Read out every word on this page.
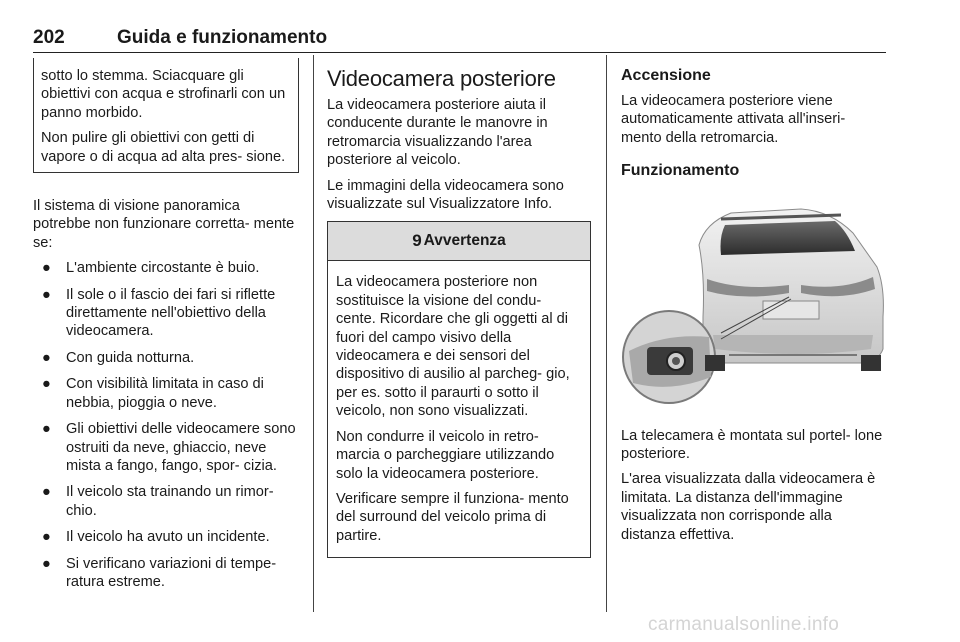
202	Guida e funzionamento

sotto lo stemma. Sciacquare gli obiettivi con acqua e strofinarli con un panno morbido.

Non pulire gli obiettivi con getti di vapore o di acqua ad alta pres- sione.

Il sistema di visione panoramica potrebbe non funzionare corretta- mente se:

● L'ambiente circostante è buio.
● Il sole o il fascio dei fari si riflette direttamente nell'obiettivo della videocamera.
● Con guida notturna.
● Con visibilità limitata in caso di nebbia, pioggia o neve.
● Gli obiettivi delle videocamere sono ostruiti da neve, ghiaccio, neve mista a fango, fango, spor- cizia.
● Il veicolo sta trainando un rimor- chio.
● Il veicolo ha avuto un incidente.
● Si verificano variazioni di tempe- ratura estreme.
Videocamera posteriore

La videocamera posteriore aiuta il conducente durante le manovre in retromarcia visualizzando l'area posteriore al veicolo.

Le immagini della videocamera sono visualizzate sul Visualizzatore Info.

9 Avvertenza

La videocamera posteriore non sostituisce la visione del condu- cente. Ricordare che gli oggetti al di fuori del campo visivo della videocamera e dei sensori del dispositivo di ausilio al parcheg- gio, per es. sotto il paraurti o sotto il veicolo, non sono visualizzati.

Non condurre il veicolo in retro- marcia o parcheggiare utilizzando solo la videocamera posteriore.

Verificare sempre il funziona- mento del surround del veicolo prima di partire.

Accensione

La videocamera posteriore viene automaticamente attivata all'inseri- mento della retromarcia.

Funzionamento

La telecamera è montata sul portel- lone posteriore.

L'area visualizzata dalla videocamera è limitata. La distanza dell'immagine visualizzata non corrisponde alla distanza effettiva.

carmanualsonline.info
